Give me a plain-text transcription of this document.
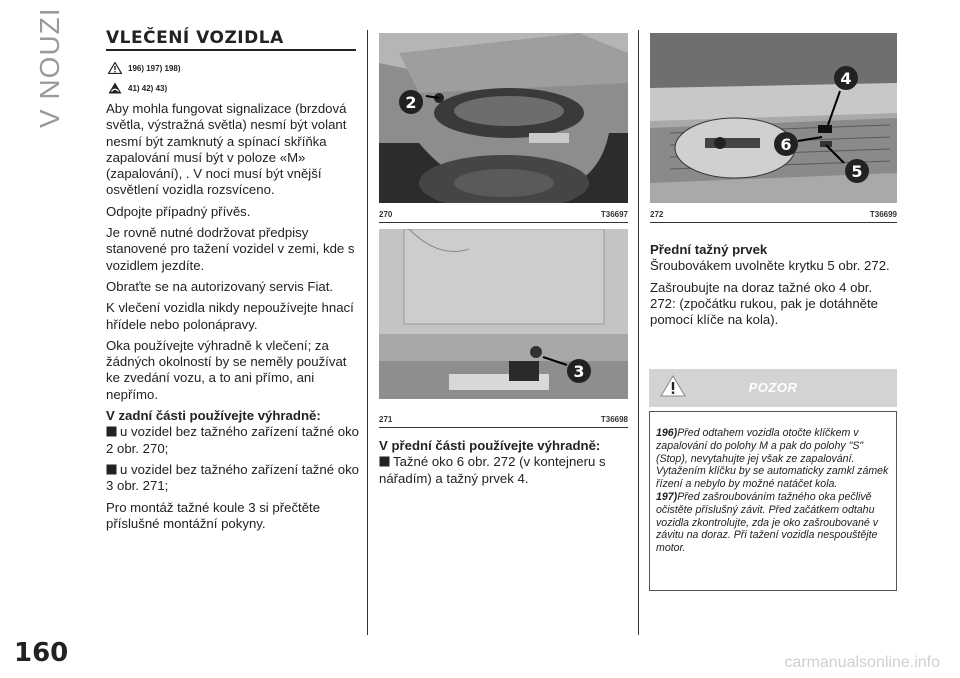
V NOUZI
160
VLEČENÍ VOZIDLA
196) 197) 198)
41) 42) 43)

Aby mohla fungovat signalizace (brzdová světla, výstražná světla) nesmí být volant nesmí být zamknutý a spínací skříňka zapalování musí být v poloze «M» (zapalování), . V noci musí být vnější osvětlení vozidla rozsvíceno.

Odpojte případný přívěs.

Je rovně nutné dodržovat předpisy stanovené pro tažení vozidel v zemi, kde s vozidlem jezdíte.

Obraťte se na autorizovaný servis Fiat.

K vlečení vozidla nikdy nepoužívejte hnací hřídele nebo polonápravy.

Oka používejte výhradně k vlečení; za žádných okolností by se neměly používat ke zvedání vozu, a to ani přímo, ani nepřímo.

V zadní části používejte výhradně:

u vozidel bez tažného zařízení tažné oko 2 obr. 270;

u vozidel bez tažného zařízení tažné oko 3 obr. 271;

Pro montáž tažné koule 3 si přečtěte příslušné montážní pokyny.

2
270	T36697
3
271	T36698

V přední části používejte výhradně:

Tažné oko 6 obr. 272 (v kontejneru s nářadím) a tažný prvek 4.

4
6
5
272	T36699

Přední tažný prvek

Šroubovákem uvolněte krytku 5 obr. 272.

Zašroubujte na doraz tažné oko 4 obr. 272: (zpočátku rukou, pak je dotáhněte pomocí klíče na kola).

POZOR
196)Před odtahem vozidla otočte klíčkem v zapalování do polohy M a pak do polohy "S" (Stop), nevytahujte jej však ze zapalování. Vytažením klíčku by se automaticky zamkl zámek řízení a nebylo by možné natáčet kola.
197)Před zašroubováním tažného oka pečlivě očistěte příslušný závit. Před začátkem odtahu vozidla zkontrolujte, zda je oko zašroubované v závitu na doraz. Při tažení vozidla nespouštějte motor.
carmanualsonline.info
